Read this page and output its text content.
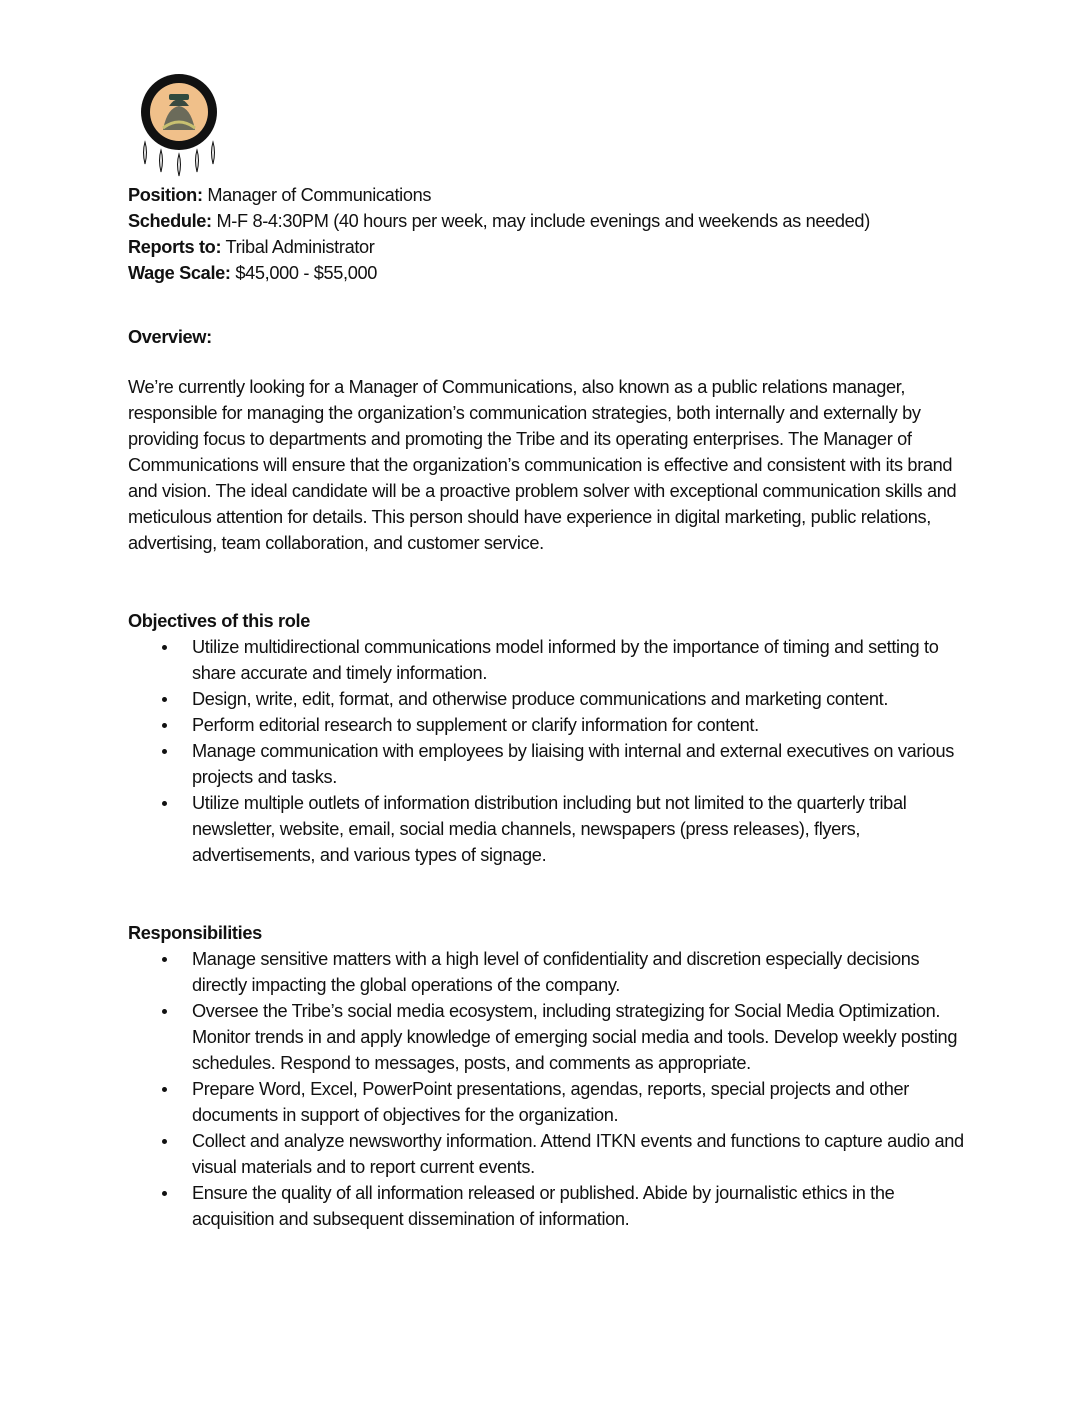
Position: Manager of Communications
Schedule: M-F 8-4:30PM (40 hours per week, may include evenings and weekends as needed)
Reports to: Tribal Administrator
Wage Scale: $45,000 - $55,000
Overview:
We’re currently looking for a Manager of Communications, also known as a public relations manager, responsible for managing the organization’s communication strategies, both internally and externally by providing focus to departments and promoting the Tribe and its operating enterprises. The Manager of Communications will ensure that the organization’s communication is effective and consistent with its brand and vision. The ideal candidate will be a proactive problem solver with exceptional communication skills and meticulous attention for details. This person should have experience in digital marketing, public relations, advertising, team collaboration, and customer service.
Objectives of this role
Utilize multidirectional communications model informed by the importance of timing and setting to share accurate and timely information.
Design, write, edit, format, and otherwise produce communications and marketing content.
Perform editorial research to supplement or clarify information for content.
Manage communication with employees by liaising with internal and external executives on various projects and tasks.
Utilize multiple outlets of information distribution including but not limited to the quarterly tribal newsletter, website, email, social media channels, newspapers (press releases), flyers, advertisements, and various types of signage.
Responsibilities
Manage sensitive matters with a high level of confidentiality and discretion especially decisions directly impacting the global operations of the company.
Oversee the Tribe’s social media ecosystem, including strategizing for Social Media Optimization. Monitor trends in and apply knowledge of emerging social media and tools. Develop weekly posting schedules. Respond to messages, posts, and comments as appropriate.
Prepare Word, Excel, PowerPoint presentations, agendas, reports, special projects and other documents in support of objectives for the organization.
Collect and analyze newsworthy information. Attend ITKN events and functions to capture audio and visual materials and to report current events.
Ensure the quality of all information released or published. Abide by journalistic ethics in the acquisition and subsequent dissemination of information.
